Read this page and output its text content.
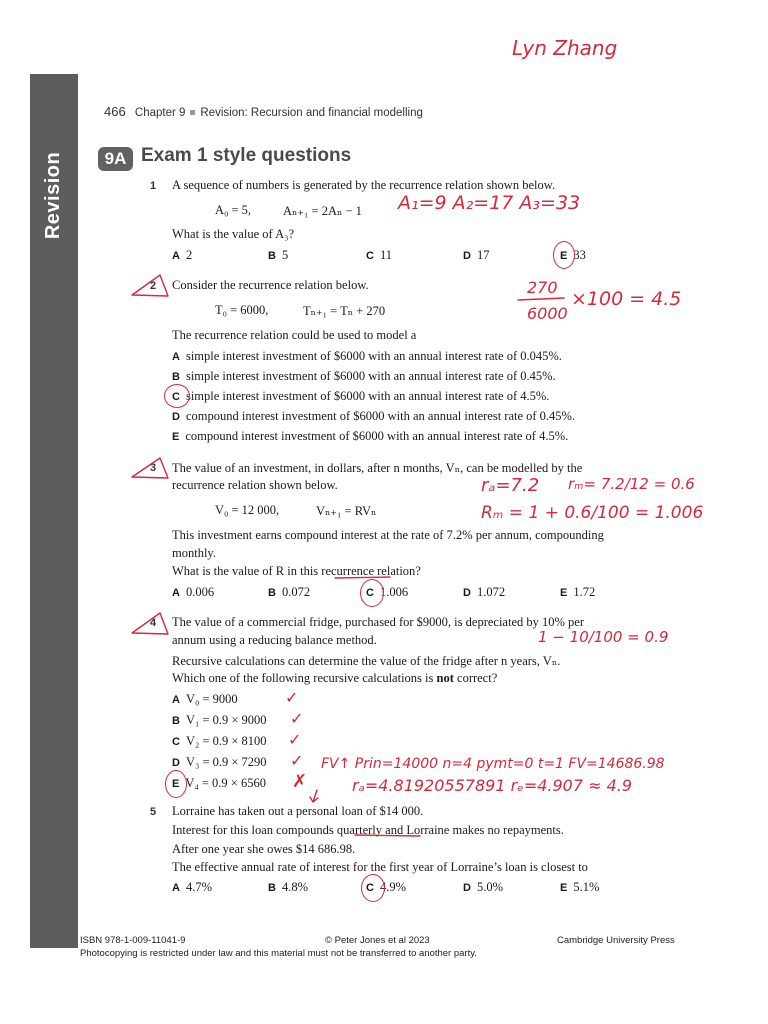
Revision
Lyn Zhang
466 Chapter 9 Revision: Recursion and financial modelling
9A Exam 1 style questions
1 A sequence of numbers is generated by the recurrence relation shown below.
A₀ = 5,	Aₙ₊₁ = 2Aₙ − 1 A₁=9 A₂=17 A₃=33
What is the value of A₃?
A 2	B 5	C 11	D 17	E 33
2 Consider the recurrence relation below.
T₀ = 6000,	Tₙ₊₁ = Tₙ + 270
270
6000
×100 = 4.5
The recurrence relation could be used to model a
A simple interest investment of $6000 with an annual interest rate of 0.045%.
B simple interest investment of $6000 with an annual interest rate of 0.45%.
C simple interest investment of $6000 with an annual interest rate of 4.5%.
D compound interest investment of $6000 with an annual interest rate of 0.45%.
E compound interest investment of $6000 with an annual interest rate of 4.5%.
3 The value of an investment, in dollars, after n months, Vₙ, can be modelled by the
recurrence relation shown below.
V₀ = 12 000,	Vₙ₊₁ = RVₙ
rₐ=7.2 rₘ= 7.2/12 = 0.6
Rₘ = 1 + 0.6/100 = 1.006
This investment earns compound interest at the rate of 7.2% per annum, compounding
monthly.
What is the value of R in this recurrence relation?
A 0.006	B 0.072	C 1.006	D 1.072	E 1.72
4 The value of a commercial fridge, purchased for $9000, is depreciated by 10% per
annum using a reducing balance method.	1 − 10/100 = 0.9
Recursive calculations can determine the value of the fridge after n years, Vₙ.
Which one of the following recursive calculations is not correct?
A V₀ = 9000	✓
B V₁ = 0.9 × 9000 ✓
C V₂ = 0.9 × 8100 ✓
D V₃ = 0.9 × 7290 ✓
E V₄ = 0.9 × 6560 ✗
FV↑ Prin=14000 n=4 pymt=0 t=1 FV=14686.98
rₐ=4.81920557891 rₑ=4.907 ≈ 4.9
5 Lorraine has taken out a personal loan of $14 000.
Interest for this loan compounds quarterly and Lorraine makes no repayments.
After one year she owes $14 686.98.
The effective annual rate of interest for the first year of Lorraine’s loan is closest to
A 4.7%	B 4.8%	C 4.9%	D 5.0%	E 5.1%
ISBN 978-1-009-11041-9	© Peter Jones et al 2023	Cambridge University Press
Photocopying is restricted under law and this material must not be transferred to another party.
